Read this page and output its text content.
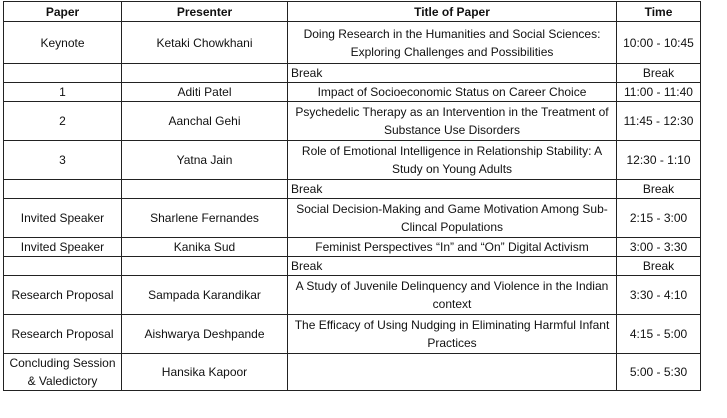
Paper	Presenter	Title of Paper	Time
Keynote	Ketaki Chowkhani	Doing Research in the Humanities and Social Sciences: Exploring Challenges and Possibilities	10:00 - 10:45
		Break	Break
1	Aditi Patel	Impact of Socioeconomic Status on Career Choice	11:00 - 11:40
2	Aanchal Gehi	Psychedelic Therapy as an Intervention in the Treatment of Substance Use Disorders	11:45 - 12:30
3	Yatna Jain	Role of Emotional Intelligence in Relationship Stability: A Study on Young Adults	12:30 - 1:10
		Break	Break
Invited Speaker	Sharlene Fernandes	Social Decision-Making and Game Motivation Among Sub-Clincal Populations	2:15 - 3:00
Invited Speaker	Kanika Sud	Feminist Perspectives “In” and “On” Digital Activism	3:00 - 3:30
		Break	Break
Research Proposal	Sampada Karandikar	A Study of Juvenile Delinquency and Violence in the Indian context	3:30 - 4:10
Research Proposal	Aishwarya Deshpande	The Efficacy of Using Nudging in Eliminating Harmful Infant Practices	4:15 - 5:00
Concluding Session & Valedictory	Hansika Kapoor		5:00 - 5:30
